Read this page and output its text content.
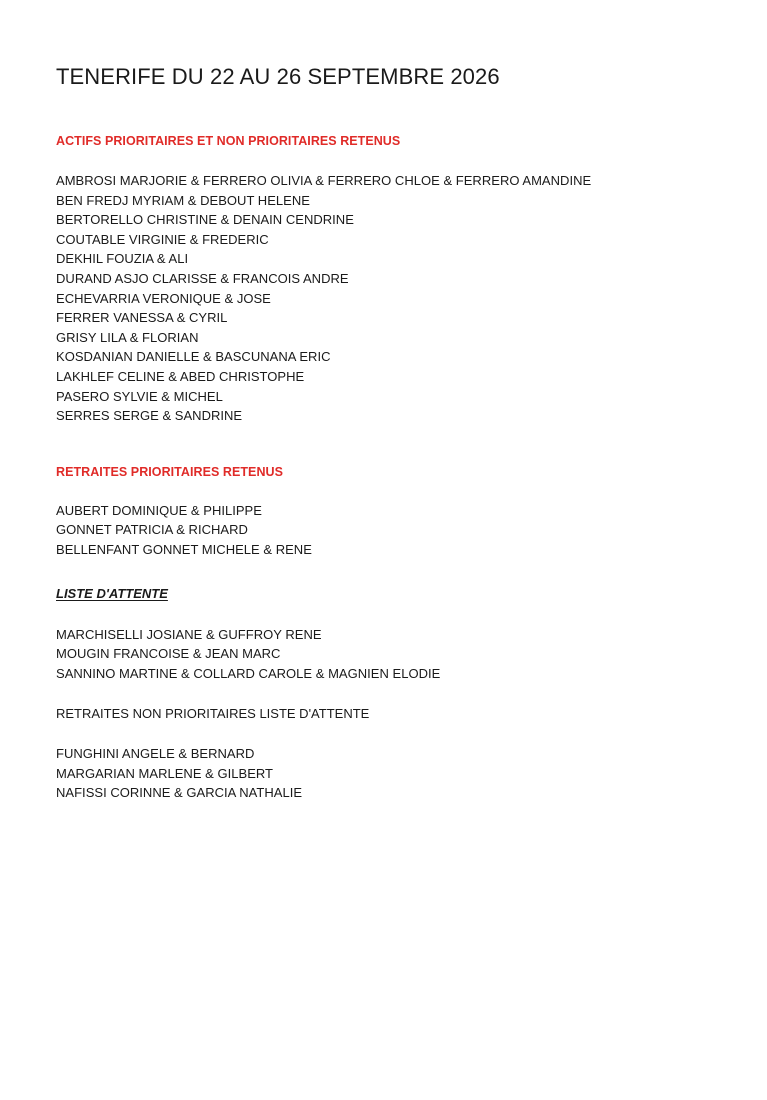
TENERIFE DU 22 AU 26 SEPTEMBRE 2026
ACTIFS PRIORITAIRES ET NON PRIORITAIRES RETENUS
AMBROSI MARJORIE & FERRERO OLIVIA & FERRERO CHLOE & FERRERO AMANDINE
BEN FREDJ MYRIAM & DEBOUT HELENE
BERTORELLO CHRISTINE & DENAIN CENDRINE
COUTABLE VIRGINIE & FREDERIC
DEKHIL FOUZIA & ALI
DURAND ASJO CLARISSE & FRANCOIS ANDRE
ECHEVARRIA VERONIQUE & JOSE
FERRER VANESSA & CYRIL
GRISY LILA & FLORIAN
KOSDANIAN DANIELLE & BASCUNANA ERIC
LAKHLEF CELINE & ABED CHRISTOPHE
PASERO SYLVIE & MICHEL
SERRES SERGE & SANDRINE
RETRAITES PRIORITAIRES RETENUS
AUBERT DOMINIQUE & PHILIPPE
GONNET PATRICIA & RICHARD
BELLENFANT GONNET MICHELE & RENE
LISTE D'ATTENTE
MARCHISELLI JOSIANE & GUFFROY RENE
MOUGIN FRANCOISE & JEAN MARC
SANNINO MARTINE & COLLARD CAROLE & MAGNIEN ELODIE
RETRAITES NON PRIORITAIRES LISTE D'ATTENTE
FUNGHINI ANGELE & BERNARD
MARGARIAN MARLENE & GILBERT
NAFISSI CORINNE & GARCIA NATHALIE
